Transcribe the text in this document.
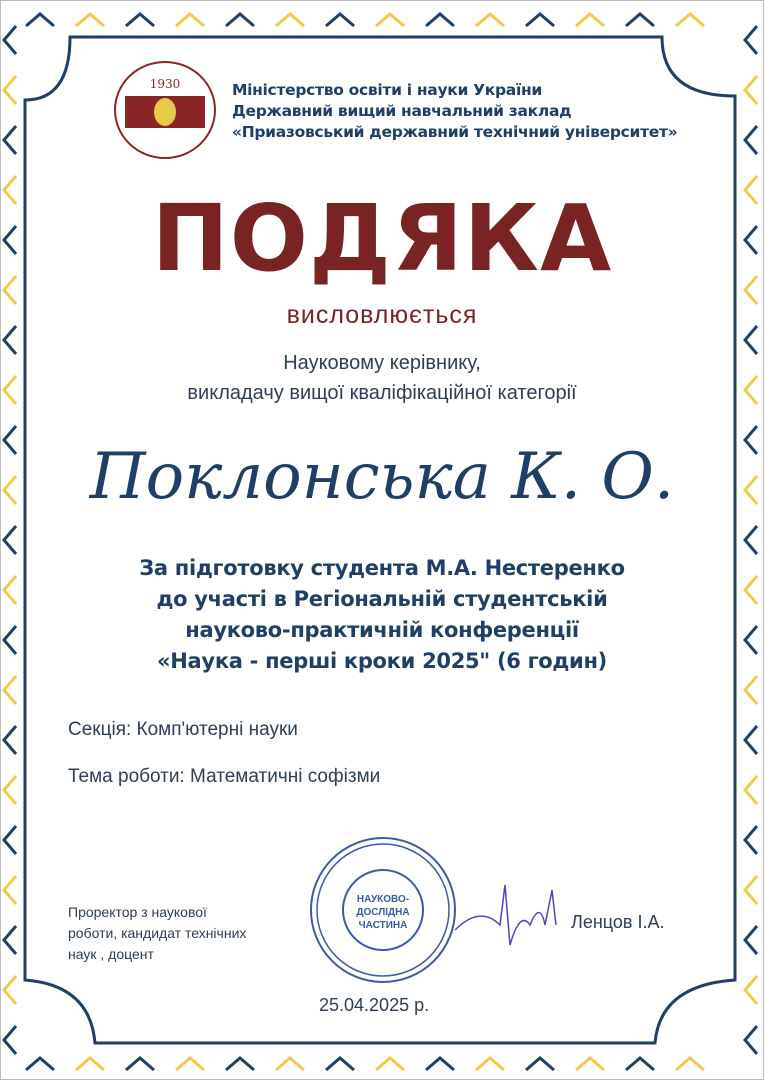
1930
НАУКОВО-
ДОСЛІДНА
ЧАСТИНА
Міністерство освіти і науки України
Державний вищий навчальний заклад
«Приазовський державний технічний університет»
ПОДЯКА
висловлюється
Науковому керівнику,
викладачу вищої кваліфікаційної категорії
Поклонська К. О.
За підготовку студента М.А. Нестеренко
до участі в Регіональній студентській
науково-практичній конференції
«Наука - перші кроки 2025" (6 годин)
Секція: Комп'ютерні науки
Тема роботи: Математичні софізми
Проректор з наукової
роботи, кандидат технічних
наук , доцент
Ленцов І.А.
25.04.2025 р.
